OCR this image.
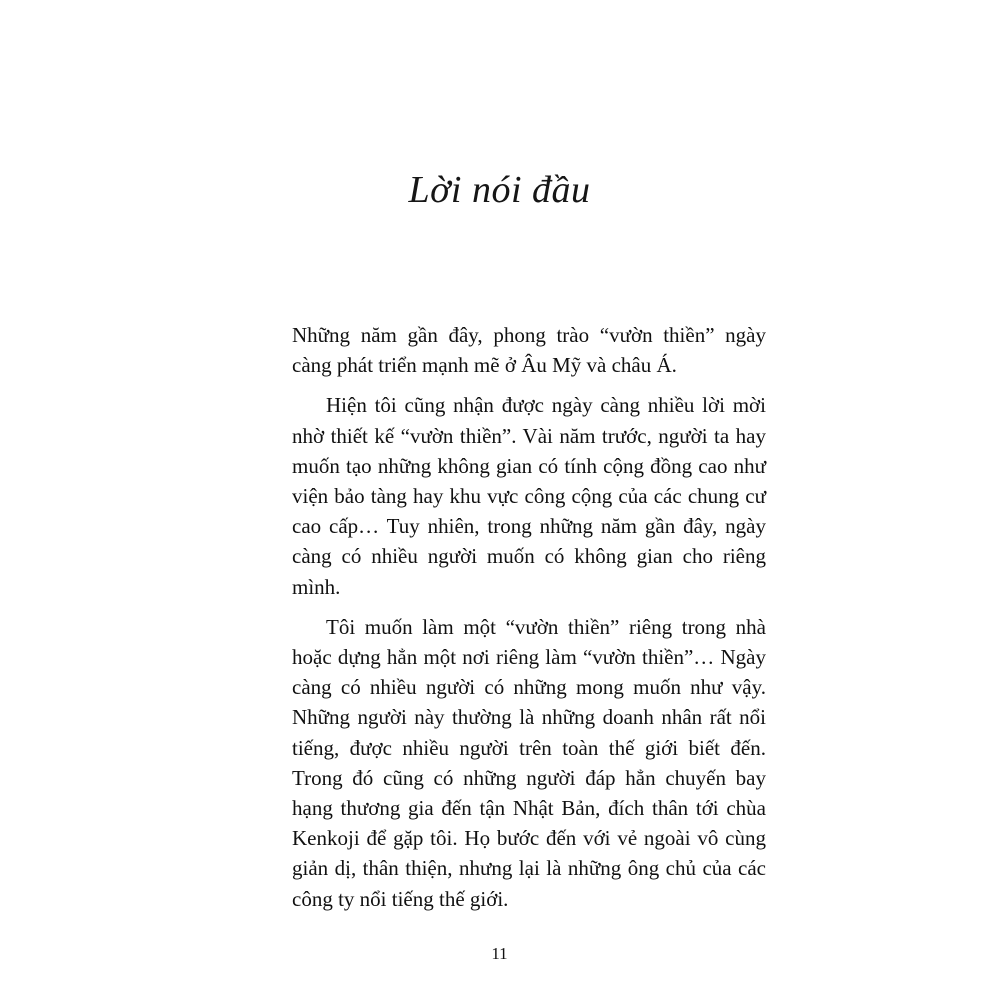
Lời nói đầu

Những năm gần đây, phong trào “vườn thiền” ngày càng phát triển mạnh mẽ ở Âu Mỹ và châu Á.

Hiện tôi cũng nhận được ngày càng nhiều lời mời nhờ thiết kế “vườn thiền”. Vài năm trước, người ta hay muốn tạo những không gian có tính cộng đồng cao như viện bảo tàng hay khu vực công cộng của các chung cư cao cấp… Tuy nhiên, trong những năm gần đây, ngày càng có nhiều người muốn có không gian cho riêng mình.

Tôi muốn làm một “vườn thiền” riêng trong nhà hoặc dựng hẳn một nơi riêng làm “vườn thiền”… Ngày càng có nhiều người có những mong muốn như vậy. Những người này thường là những doanh nhân rất nổi tiếng, được nhiều người trên toàn thế giới biết đến. Trong đó cũng có những người đáp hẳn chuyến bay hạng thương gia đến tận Nhật Bản, đích thân tới chùa Kenkoji để gặp tôi. Họ bước đến với vẻ ngoài vô cùng giản dị, thân thiện, nhưng lại là những ông chủ của các công ty nổi tiếng thế giới.

11
